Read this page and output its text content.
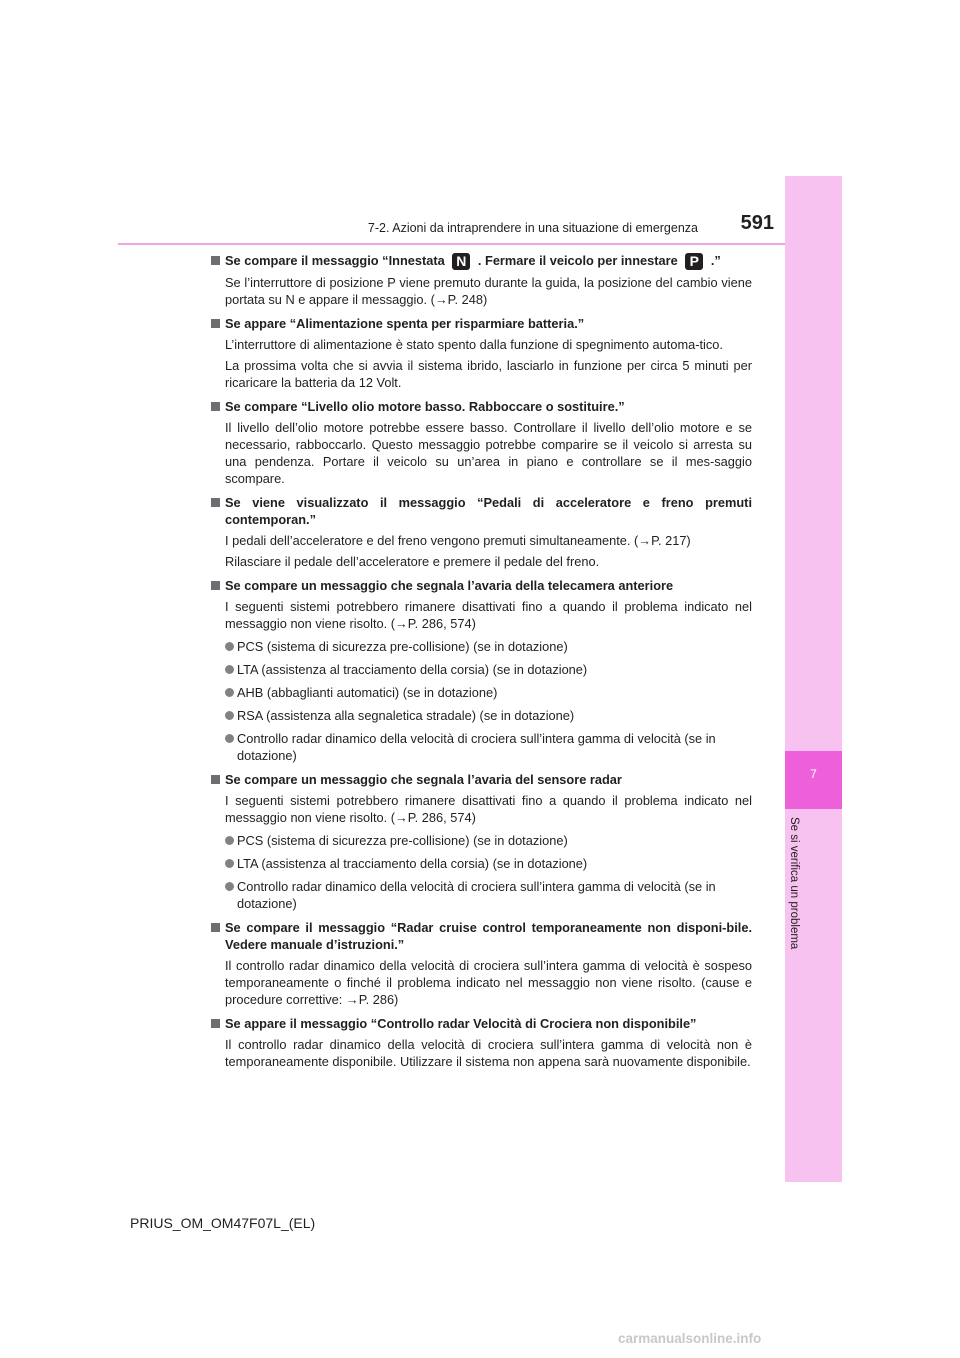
7-2. Azioni da intraprendere in una situazione di emergenza	591
7
Se si verifica un problema
Se compare il messaggio “Innestata N . Fermare il veicolo per innestare P .”
Se l’interruttore di posizione P viene premuto durante la guida, la posizione del cambio viene portata su N e appare il messaggio. (→P. 248)
Se appare “Alimentazione spenta per risparmiare batteria.”
L’interruttore di alimentazione è stato spento dalla funzione di spegnimento automa-tico.
La prossima volta che si avvia il sistema ibrido, lasciarlo in funzione per circa 5 minuti per ricaricare la batteria da 12 Volt.
Se compare “Livello olio motore basso. Rabboccare o sostituire.”
Il livello dell’olio motore potrebbe essere basso. Controllare il livello dell’olio motore e se necessario, rabboccarlo. Questo messaggio potrebbe comparire se il veicolo si arresta su una pendenza. Portare il veicolo su un’area in piano e controllare se il mes-saggio scompare.
Se viene visualizzato il messaggio “Pedali di acceleratore e freno premuti contemporan.”
I pedali dell’acceleratore e del freno vengono premuti simultaneamente. (→P. 217)
Rilasciare il pedale dell’acceleratore e premere il pedale del freno.
Se compare un messaggio che segnala l’avaria della telecamera anteriore
I seguenti sistemi potrebbero rimanere disattivati fino a quando il problema indicato nel messaggio non viene risolto. (→P. 286, 574)
PCS (sistema di sicurezza pre-collisione) (se in dotazione)
LTA (assistenza al tracciamento della corsia) (se in dotazione)
AHB (abbaglianti automatici) (se in dotazione)
RSA (assistenza alla segnaletica stradale) (se in dotazione)
Controllo radar dinamico della velocità di crociera sull’intera gamma di velocità (se in dotazione)
Se compare un messaggio che segnala l’avaria del sensore radar
I seguenti sistemi potrebbero rimanere disattivati fino a quando il problema indicato nel messaggio non viene risolto. (→P. 286, 574)
PCS (sistema di sicurezza pre-collisione) (se in dotazione)
LTA (assistenza al tracciamento della corsia) (se in dotazione)
Controllo radar dinamico della velocità di crociera sull’intera gamma di velocità (se in dotazione)
Se compare il messaggio “Radar cruise control temporaneamente non disponi-bile. Vedere manuale d’istruzioni.”
Il controllo radar dinamico della velocità di crociera sull’intera gamma di velocità è sospeso temporaneamente o finché il problema indicato nel messaggio non viene risolto. (cause e procedure correttive: →P. 286)
Se appare il messaggio “Controllo radar Velocità di Crociera non disponibile”
Il controllo radar dinamico della velocità di crociera sull’intera gamma di velocità non è temporaneamente disponibile. Utilizzare il sistema non appena sarà nuovamente disponibile.
PRIUS_OM_OM47F07L_(EL)
carmanualsonline.info
